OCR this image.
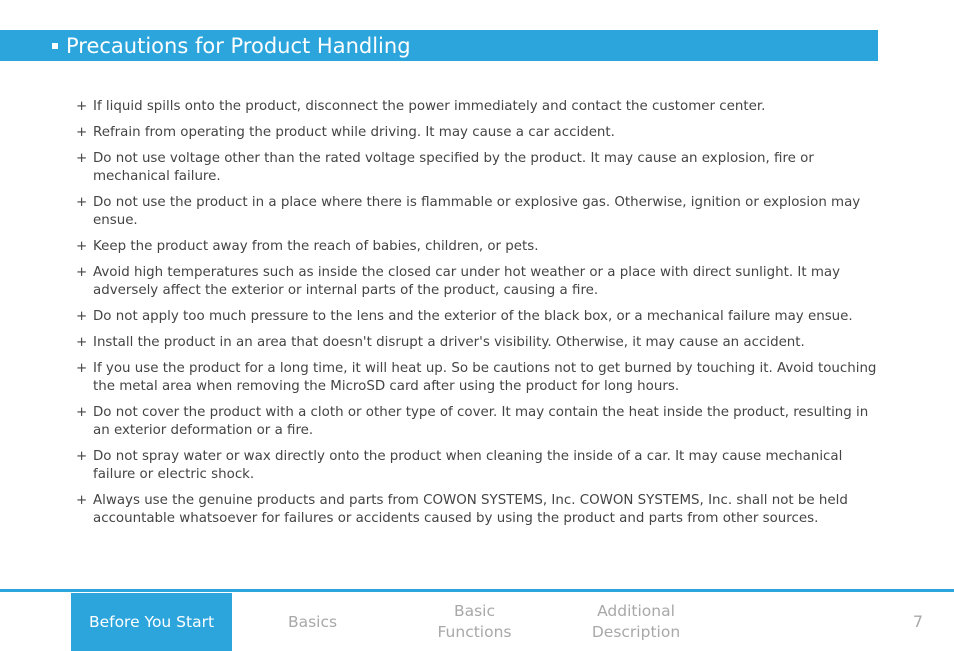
Precautions for Product Handling
+ If liquid spills onto the product, disconnect the power immediately and contact the customer center.
+ Refrain from operating the product while driving. It may cause a car accident.
+ Do not use voltage other than the rated voltage specified by the product. It may cause an explosion, fire or mechanical failure.
+ Do not use the product in a place where there is flammable or explosive gas. Otherwise, ignition or explosion may ensue.
+ Keep the product away from the reach of babies, children, or pets.
+ Avoid high temperatures such as inside the closed car under hot weather or a place with direct sunlight. It may adversely affect the exterior or internal parts of the product, causing a fire.
+ Do not apply too much pressure to the lens and the exterior of the black box, or a mechanical failure may ensue.
+ Install the product in an area that doesn't disrupt a driver's visibility. Otherwise, it may cause an accident.
+ If you use the product for a long time, it will heat up. So be cautions not to get burned by touching it. Avoid touching the metal area when removing the MicroSD card after using the product for long hours.
+ Do not cover the product with a cloth or other type of cover. It may contain the heat inside the product, resulting in an exterior deformation or a fire.
+ Do not spray water or wax directly onto the product when cleaning the inside of a car. It may cause mechanical failure or electric shock.
+ Always use the genuine products and parts from COWON SYSTEMS, Inc. COWON SYSTEMS, Inc. shall not be held accountable whatsoever for failures or accidents caused by using the product and parts from other sources.
Before You Start	Basics
Basic
Functions
Additional
Description
7
